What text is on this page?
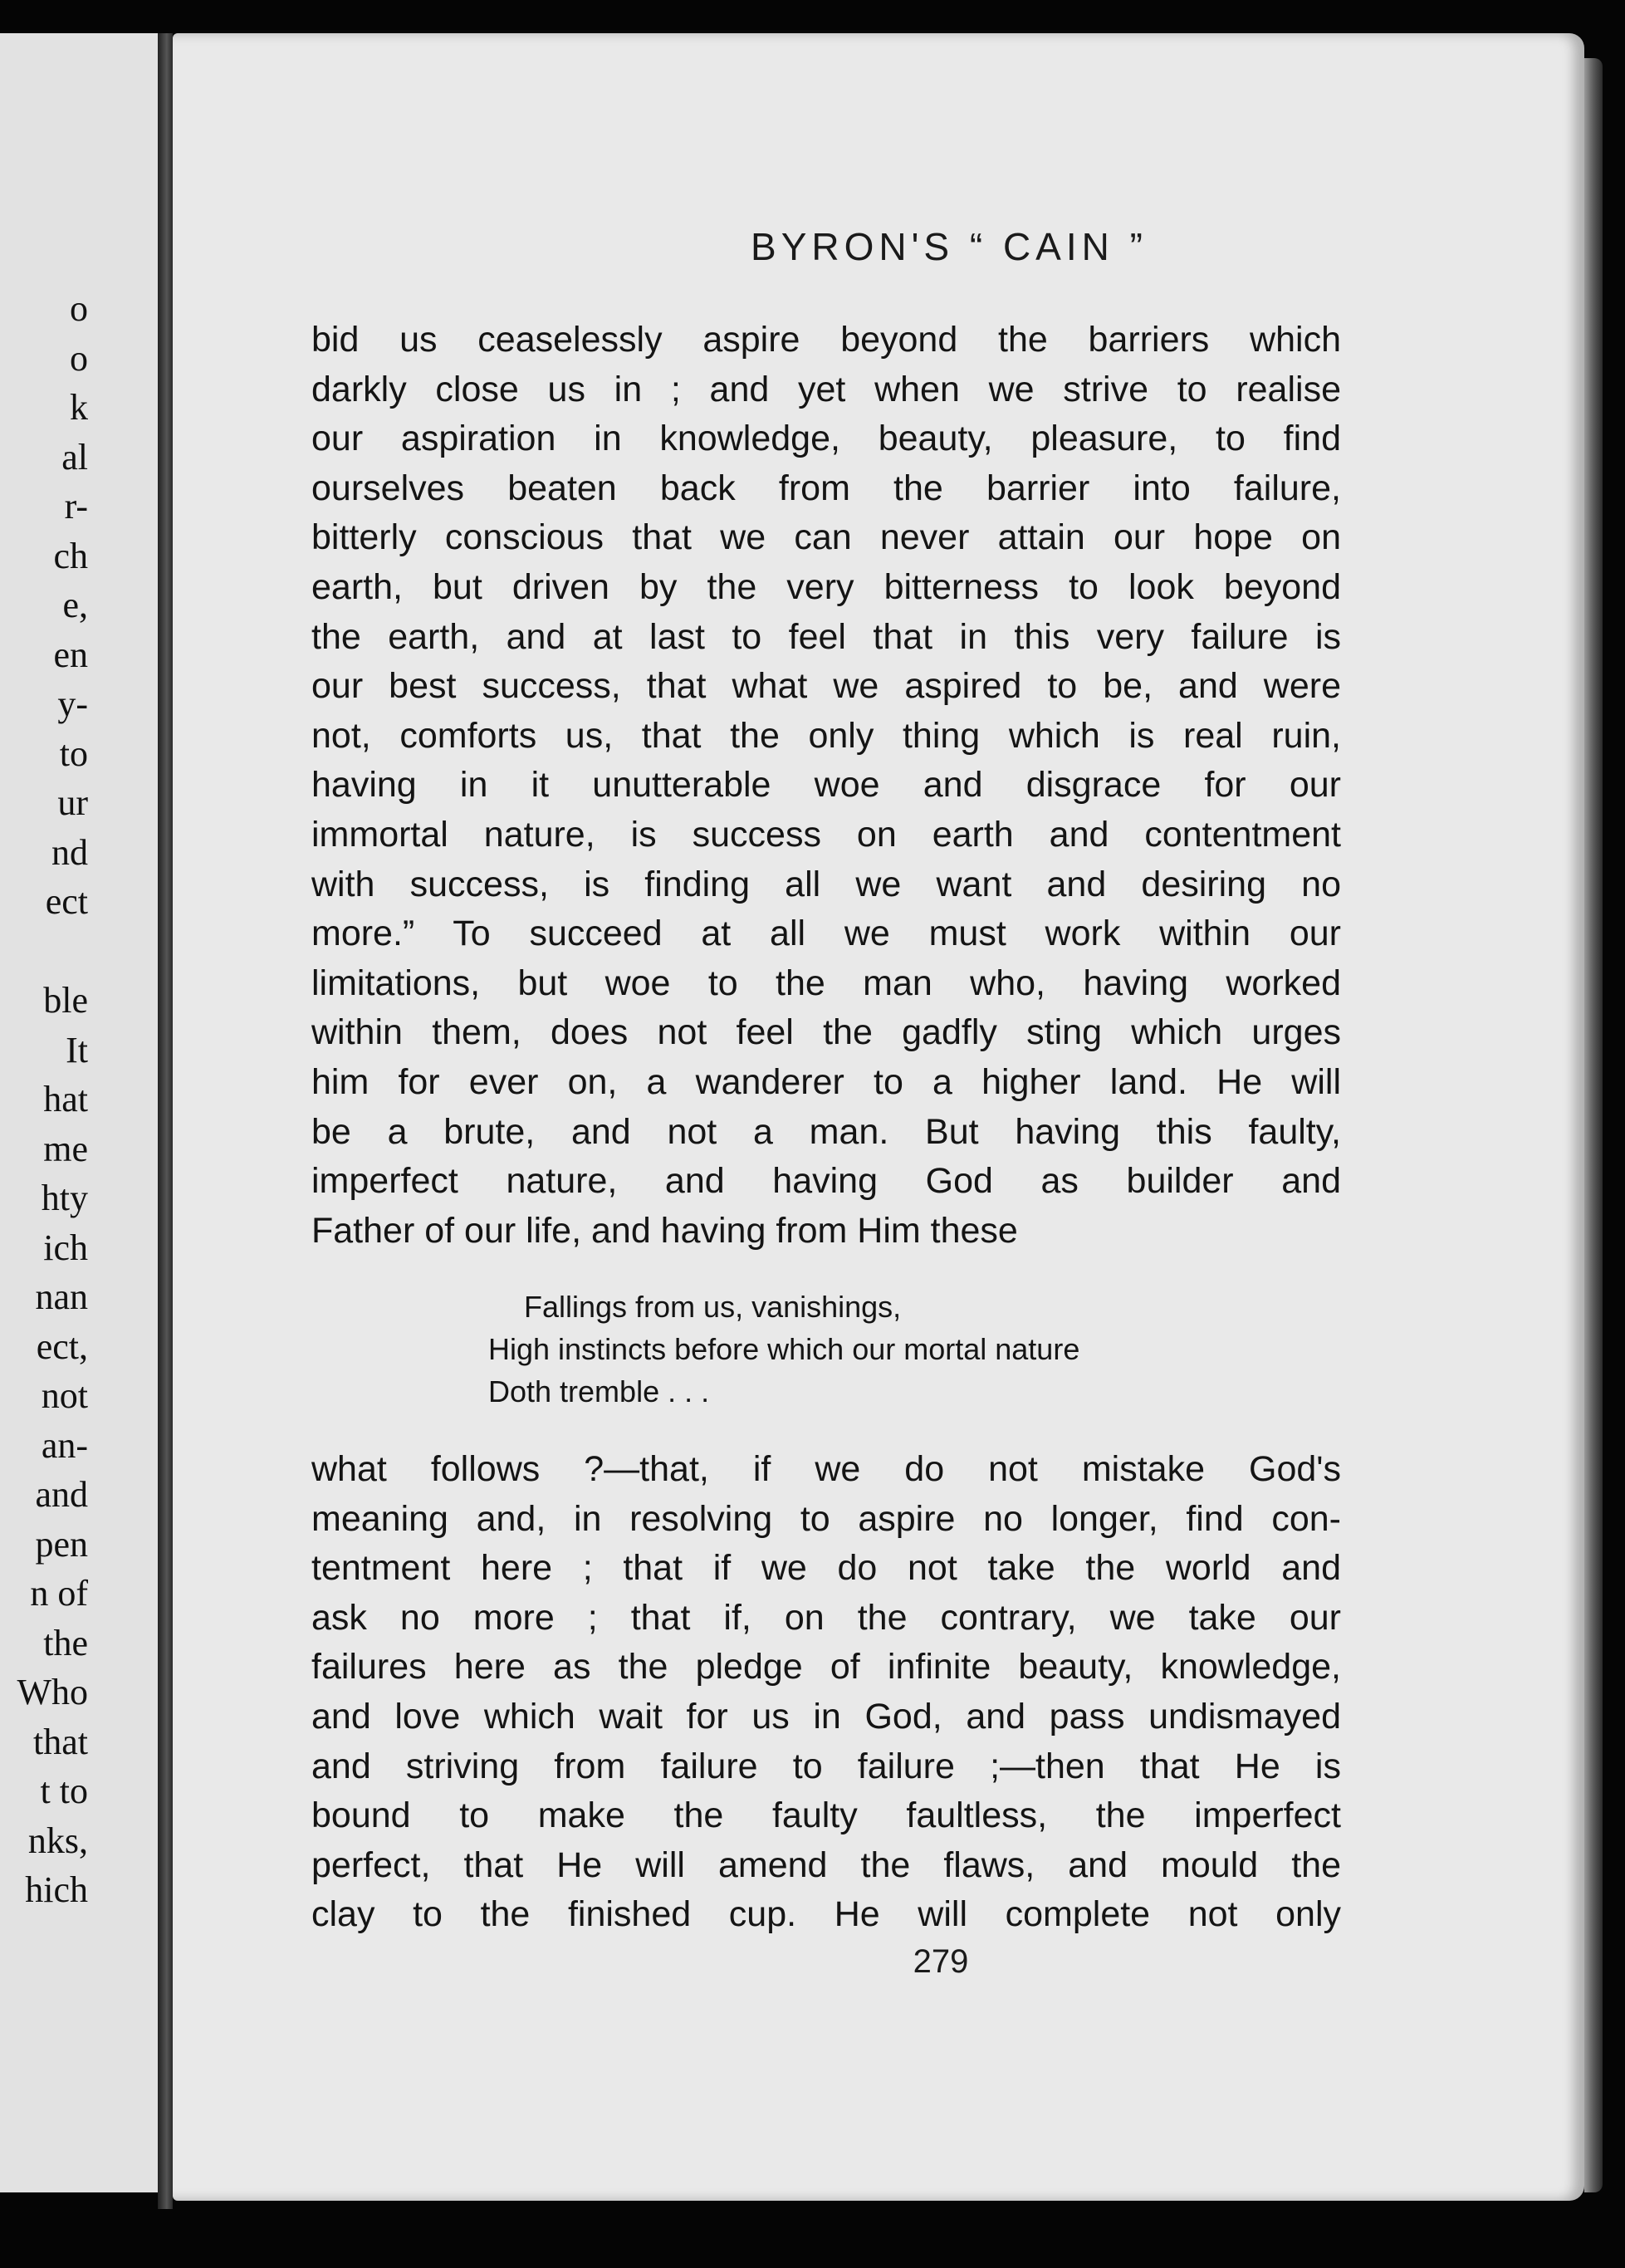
o
o
k
al
r-
ch
e,
en
y-
to
ur
nd
ect

ble
It
hat
me
hty
ich
nan
ect,
not
an-
and
pen
n of
the
Who
that
t to
nks,
hich
BYRON'S “ CAIN ”
bid us ceaselessly aspire beyond the barriers which
darkly close us in ; and yet when we strive to realise
our aspiration in knowledge, beauty, pleasure, to find
ourselves beaten back from the barrier into failure,
bitterly conscious that we can never attain our hope on
earth, but driven by the very bitterness to look beyond
the earth, and at last to feel that in this very failure is
our best success, that what we aspired to be, and were
not, comforts us, that the only thing which is real ruin,
having in it unutterable woe and disgrace for our
immortal nature, is success on earth and contentment
with success, is finding all we want and desiring no
more.” To succeed at all we must work within our
limitations, but woe to the man who, having worked
within them, does not feel the gadfly sting which urges
him for ever on, a wanderer to a higher land. He will
be a brute, and not a man. But having this faulty,
imperfect nature, and having God as builder and
Father of our life, and having from Him these
Fallings from us, vanishings,
High instincts before which our mortal nature
Doth tremble . . .
what follows ?—that, if we do not mistake God's
meaning and, in resolving to aspire no longer, find con-
tentment here ; that if we do not take the world and
ask no more ; that if, on the contrary, we take our
failures here as the pledge of infinite beauty, knowledge,
and love which wait for us in God, and pass undismayed
and striving from failure to failure ;—then that He is
bound to make the faulty faultless, the imperfect
perfect, that He will amend the flaws, and mould the
clay to the finished cup. He will complete not only
279
